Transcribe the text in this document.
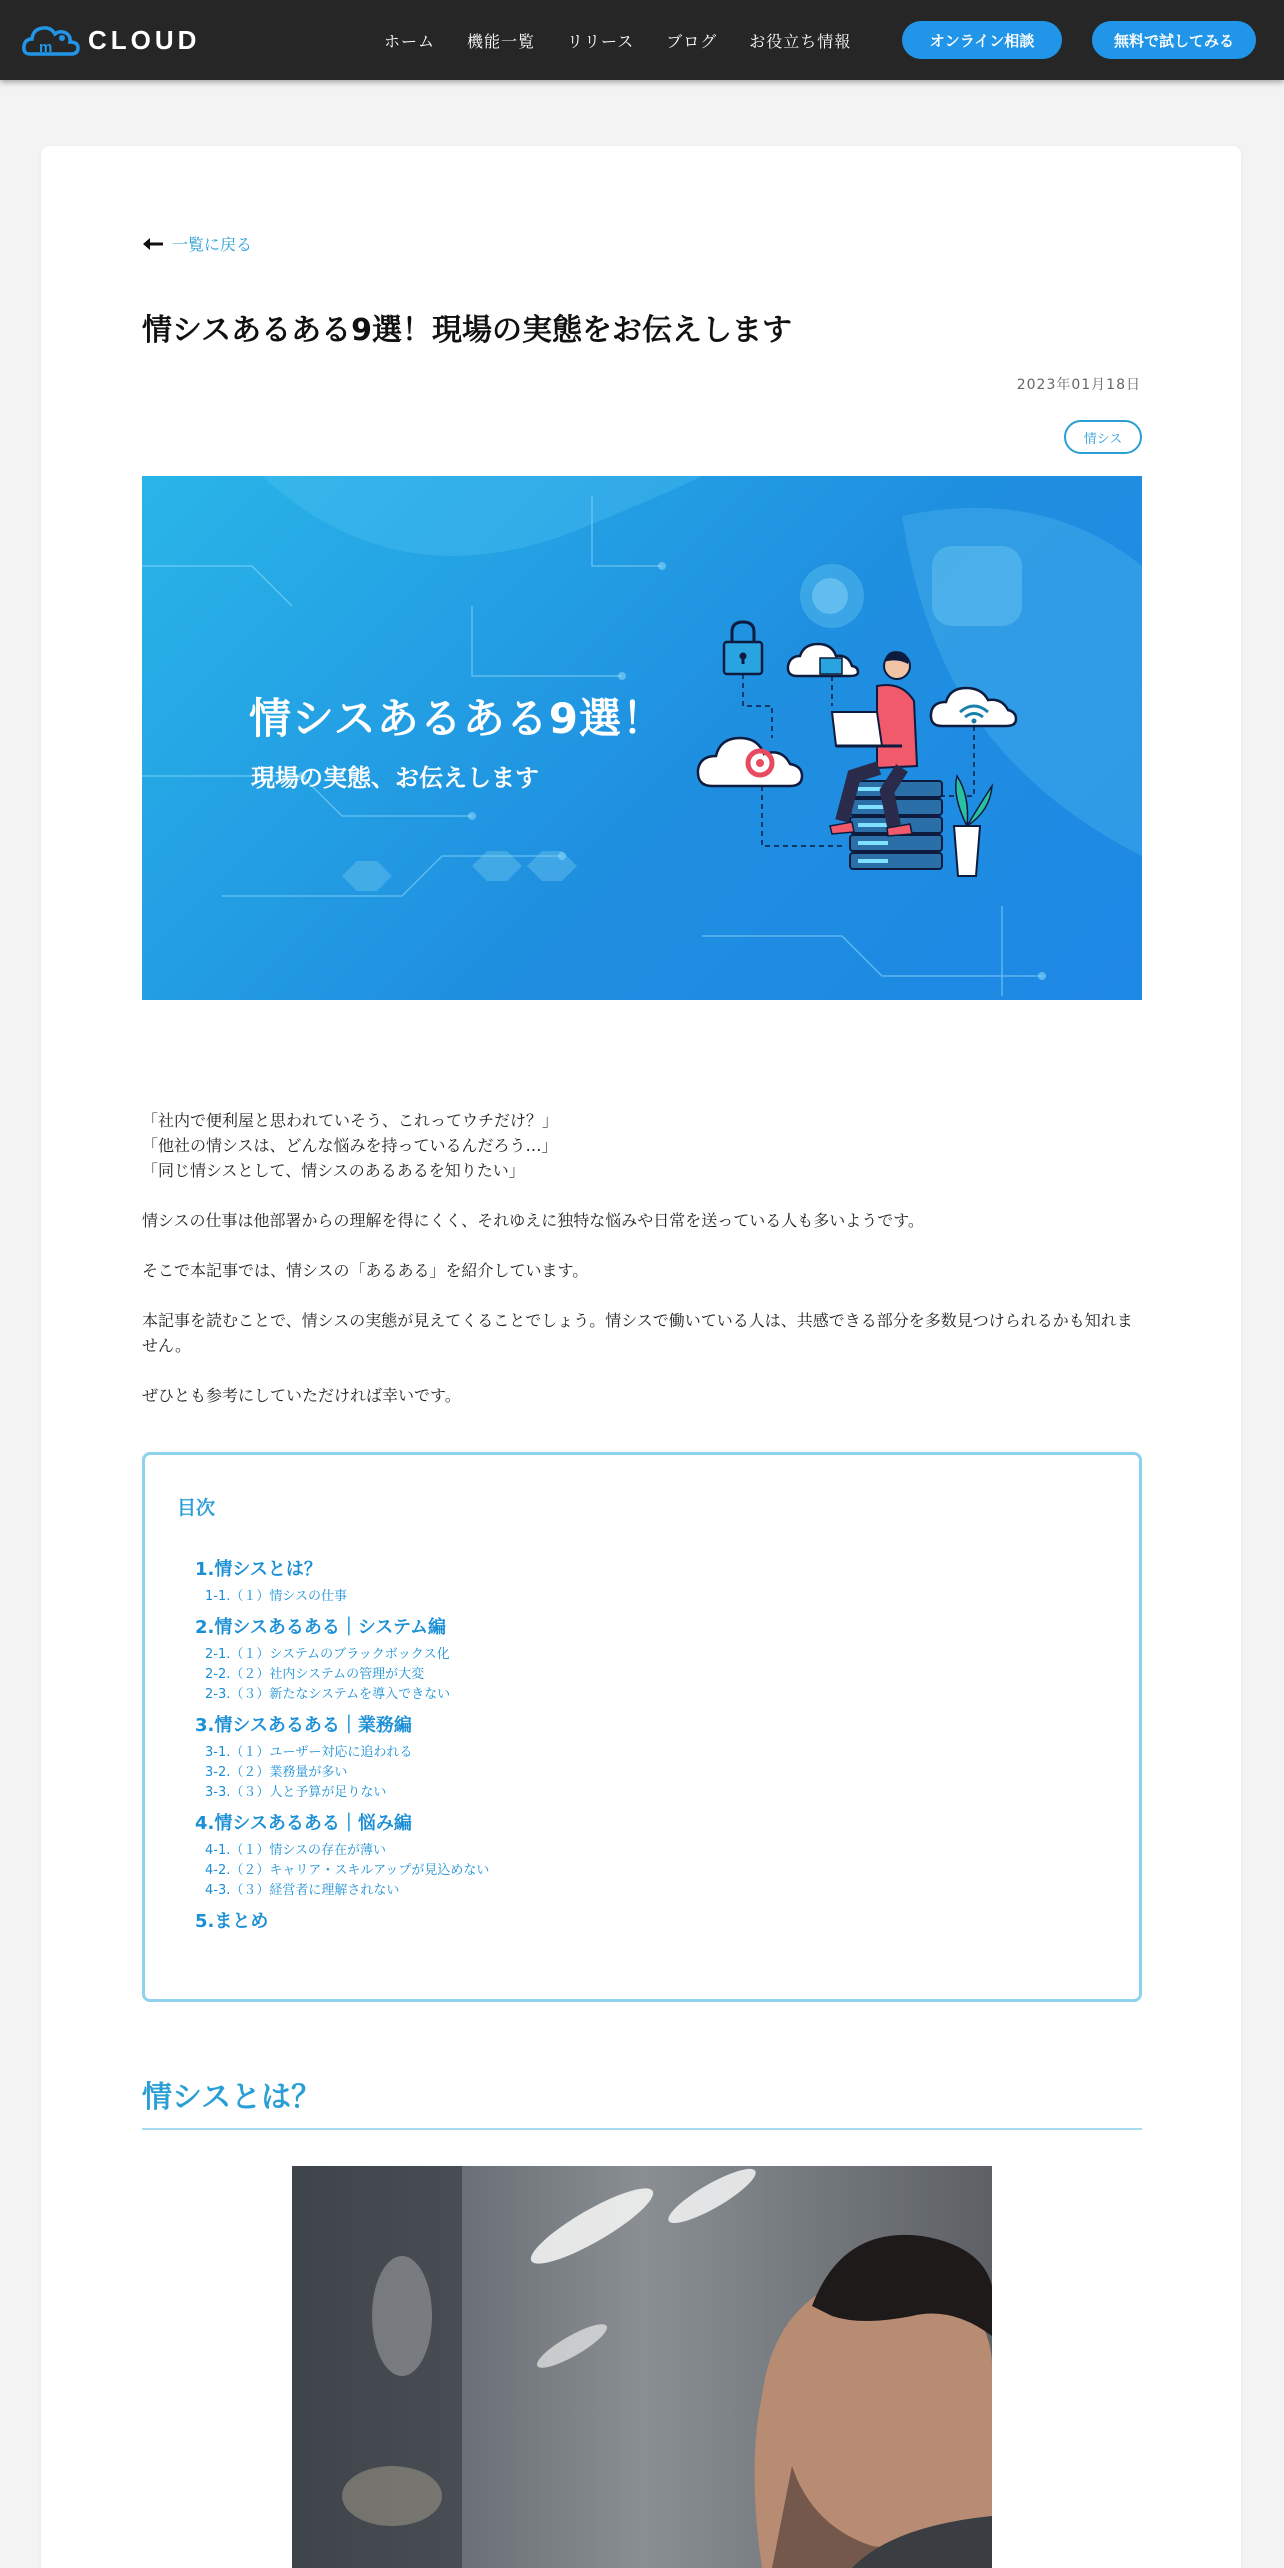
m CLOUD	ホーム 機能一覧 リリース ブログ お役立ち情報	オンライン相談	無料で試してみる
一覧に戻る
情シスあるある9選！現場の実態をお伝えします
2023年01月18日
情シス
情シスあるある9選！
現場の実態、お伝えします

「社内で便利屋と思われていそう、これってウチだけ？」
「他社の情シスは、どんな悩みを持っているんだろう…」
「同じ情シスとして、情シスのあるあるを知りたい」

情シスの仕事は他部署からの理解を得にくく、それゆえに独特な悩みや日常を送っている人も多いようです。

そこで本記事では、情シスの「あるある」を紹介しています。

本記事を読むことで、情シスの実態が見えてくることでしょう。情シスで働いている人は、共感できる部分を多数見つけられるかも知れません。

ぜひとも参考にしていただければ幸いです。

目次
1.情シスとは？
1-1.（１）情シスの仕事
2.情シスあるある｜システム編
2-1.（１）システムのブラックボックス化
2-2.（２）社内システムの管理が大変
2-3.（３）新たなシステムを導入できない
3.情シスあるある｜業務編
3-1.（１）ユーザー対応に追われる
3-2.（２）業務量が多い
3-3.（３）人と予算が足りない
4.情シスあるある｜悩み編
4-1.（１）情シスの存在が薄い
4-2.（２）キャリア・スキルアップが見込めない
4-3.（３）経営者に理解されない
5.まとめ
情シスとは？
